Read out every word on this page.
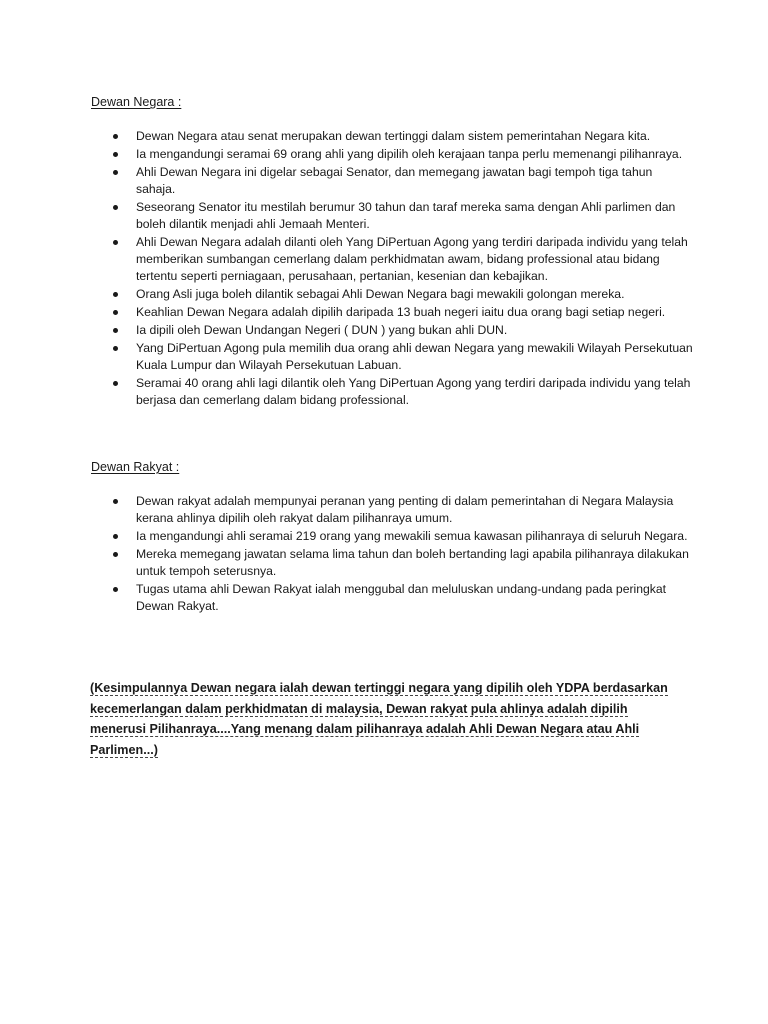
Dewan Negara :
Dewan Negara atau senat merupakan dewan tertinggi dalam sistem pemerintahan Negara kita.
Ia mengandungi seramai 69 orang ahli yang dipilih oleh kerajaan tanpa perlu memenangi pilihanraya.
Ahli Dewan Negara ini digelar sebagai Senator, dan memegang jawatan bagi tempoh tiga tahun sahaja.
Seseorang Senator itu mestilah berumur 30 tahun dan taraf mereka sama dengan Ahli parlimen dan boleh dilantik menjadi ahli Jemaah Menteri.
Ahli Dewan Negara adalah dilanti oleh Yang DiPertuan Agong yang terdiri daripada individu yang telah memberikan sumbangan cemerlang dalam perkhidmatan awam, bidang professional atau bidang tertentu seperti perniagaan, perusahaan, pertanian, kesenian dan kebajikan.
Orang Asli juga boleh dilantik sebagai Ahli Dewan Negara bagi mewakili golongan mereka.
Keahlian Dewan Negara adalah dipilih daripada 13 buah negeri iaitu dua orang bagi setiap negeri.
Ia dipili oleh Dewan Undangan Negeri ( DUN ) yang bukan ahli DUN.
Yang DiPertuan Agong pula memilih dua orang ahli dewan Negara yang mewakili Wilayah Persekutuan Kuala Lumpur dan Wilayah Persekutuan Labuan.
Seramai 40 orang ahli lagi dilantik oleh Yang DiPertuan Agong yang terdiri daripada individu yang telah berjasa dan cemerlang dalam bidang professional.
Dewan Rakyat :
Dewan rakyat adalah mempunyai peranan yang penting di dalam pemerintahan di Negara Malaysia kerana ahlinya dipilih oleh rakyat dalam pilihanraya umum.
Ia mengandungi ahli seramai 219 orang yang mewakili semua kawasan pilihanraya di seluruh Negara.
Mereka memegang jawatan selama lima tahun dan boleh bertanding lagi apabila pilihanraya dilakukan untuk tempoh seterusnya.
Tugas utama ahli Dewan Rakyat ialah menggubal dan meluluskan undang-undang pada peringkat Dewan Rakyat.

(Kesimpulannya Dewan negara ialah dewan tertinggi negara yang dipilih oleh YDPA berdasarkan kecemerlangan dalam perkhidmatan di malaysia, Dewan rakyat pula ahlinya adalah dipilih menerusi Pilihanraya....Yang menang dalam pilihanraya adalah Ahli Dewan Negara atau Ahli Parlimen...)
